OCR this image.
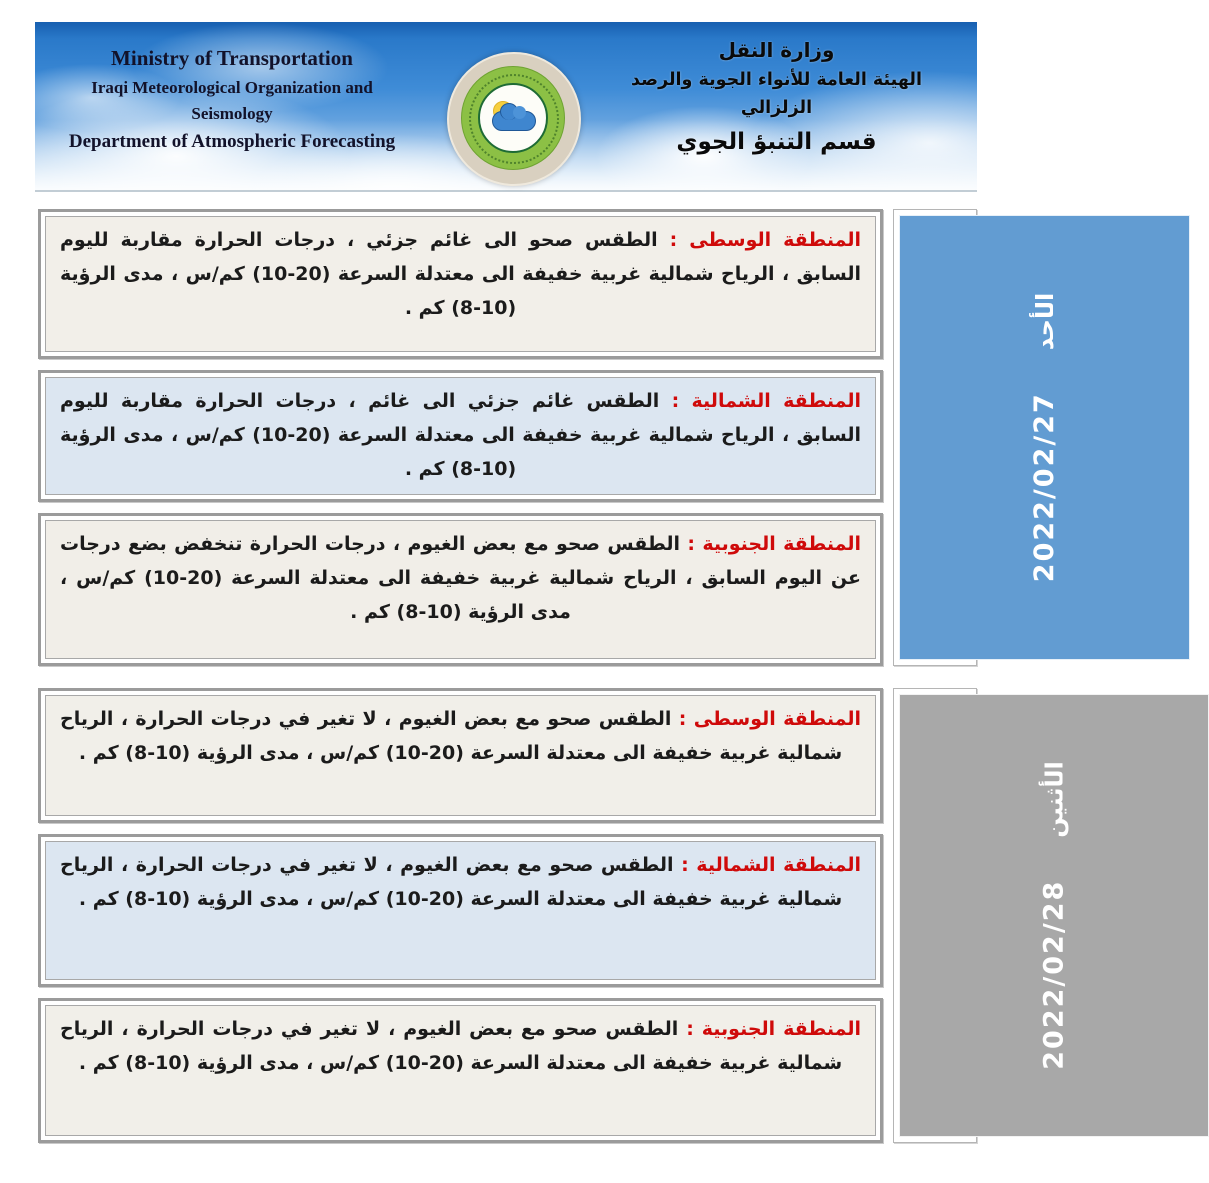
Ministry of Transportation
Iraqi Meteorological Organization and Seismology
Department of Atmospheric Forecasting
وزارة النقل
الهيئة العامة للأنواء الجوية والرصد الزلزالي
قسم التنبؤ الجوي
المنطقة الوسطى : الطقس صحو الى غائم جزئي ، درجات الحرارة مقاربة لليوم السابق ، الرياح شمالية غربية خفيفة الى معتدلة السرعة (20-10) كم/س ، مدى الرؤية (10-8) كم .
المنطقة الشمالية : الطقس غائم جزئي الى غائم ، درجات الحرارة مقاربة لليوم السابق ، الرياح شمالية غربية خفيفة الى معتدلة السرعة (20-10) كم/س ، مدى الرؤية (10-8) كم .
المنطقة الجنوبية : الطقس صحو مع بعض الغيوم ، درجات الحرارة تنخفض بضع درجات عن اليوم السابق ، الرياح شمالية غربية خفيفة الى معتدلة السرعة (20-10) كم/س ، مدى الرؤية (10-8) كم .
الأحد
2022/02/27
المنطقة الوسطى : الطقس صحو مع بعض الغيوم ، لا تغير في درجات الحرارة ، الرياح شمالية غربية خفيفة الى معتدلة السرعة (20-10) كم/س ، مدى الرؤية (10-8) كم .
المنطقة الشمالية : الطقس صحو مع بعض الغيوم ، لا تغير في درجات الحرارة ، الرياح شمالية غربية خفيفة الى معتدلة السرعة (20-10) كم/س ، مدى الرؤية (10-8) كم .
المنطقة الجنوبية : الطقس صحو مع بعض الغيوم ، لا تغير في درجات الحرارة ، الرياح شمالية غربية خفيفة الى معتدلة السرعة (20-10) كم/س ، مدى الرؤية (10-8) كم .
الأثنين
2022/02/28
